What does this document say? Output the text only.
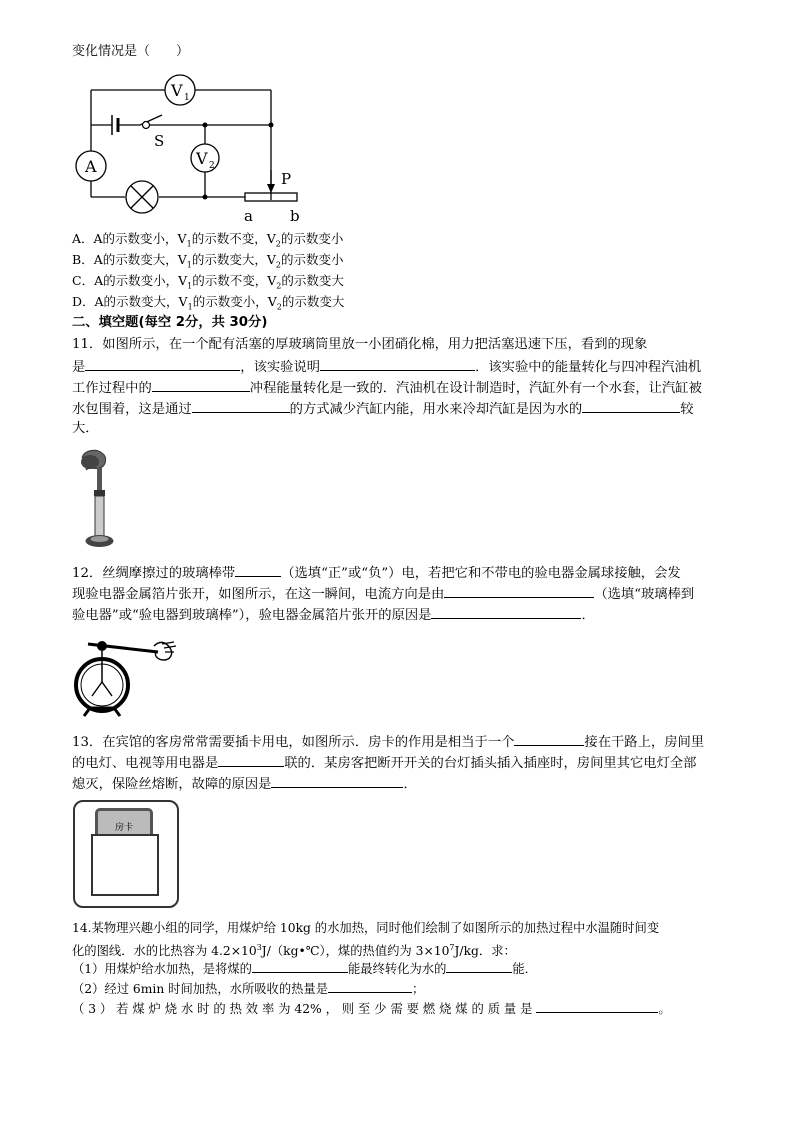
变化情况是（　　）
V 1
V 2
A
S
P
a b
A．A的示数变小，$V_1$的示数不变，$V_2$的示数变小
B．A的示数变大，$V_1$的示数变大，$V_2$的示数变小
C．A的示数变小，$V_1$的示数不变，$V_2$的示数变大
D．A的示数变大，$V_1$的示数变小，$V_2$的示数变大
二、填空题(每空 2分，共 30分)
11．如图所示，在一个配有活塞的厚玻璃筒里放一小团硝化棉，用力把活塞迅速下压，看到的现象
是	，该实验说明	．该实验中的能量转化与四冲程汽油机
工作过程中的	冲程能量转化是一致的．汽油机在设计制造时，汽缸外有一个水套，让汽缸被
水包围着，这是通过	的方式减少汽缸内能，用水来冷却汽缸是因为水的	较
大．
12．丝绸摩擦过的玻璃棒带	（选填“正”或“负”）电，若把它和不带电的验电器金属球接触，会发
现验电器金属箔片张开，如图所示，在这一瞬间，电流方向是由	（选填“玻璃棒到
验电器”或“验电器到玻璃棒”），验电器金属箔片张开的原因是	．
13．在宾馆的客房常常需要插卡用电，如图所示．房卡的作用是相当于一个	接在干路上，房间里
的电灯、电视等用电器是	联的．某房客把断开开关的台灯插头插入插座时，房间里其它电灯全部
熄灭，保险丝熔断，故障的原因是	．
房卡
14.某物理兴趣小组的同学，用煤炉给 10kg 的水加热，同时他们绘制了如图所示的加热过程中水温随时间变
化的图线．水的比热容为 $4.2\times 10^3J/(kg•℃)$，煤的热值约为 $3\times 10^7J/kg$．求：
（1）用煤炉给水加热，是将煤的	能最终转化为水的	能．
（2）经过 6min 时间加热，水所吸收的热量是	；
（ 3 ） 若 煤 炉 烧 水 时 的 热 效 率 为 42% ， 则 至 少 需 要 燃 烧 煤 的 质 量 是	。
